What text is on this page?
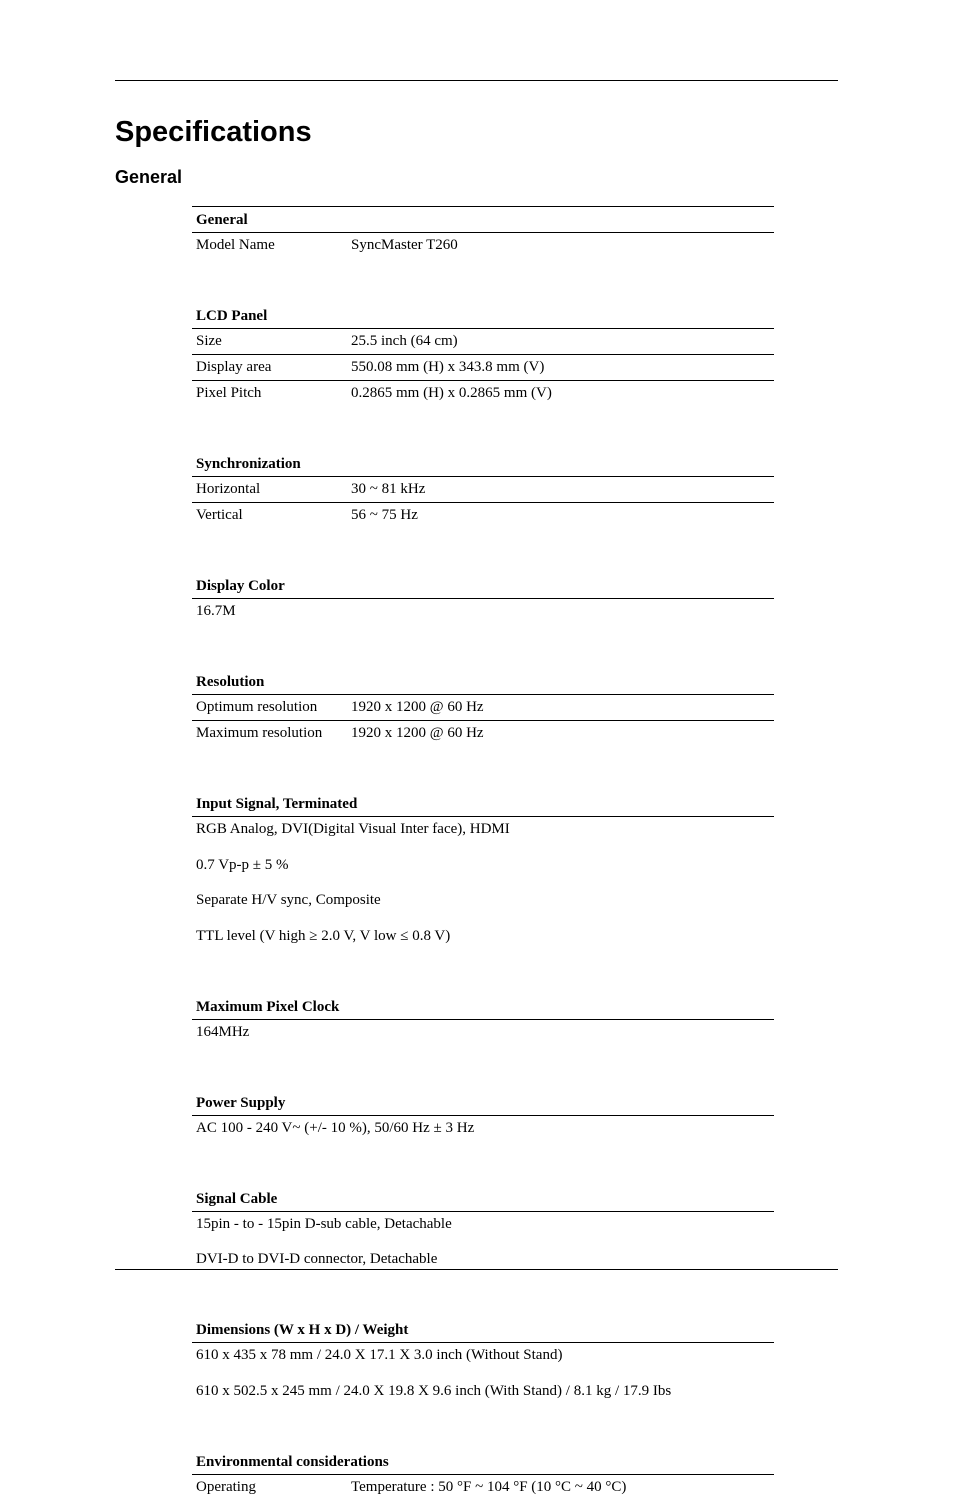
Specifications
General
General
Model Name	SyncMaster T260
LCD Panel
Size	25.5 inch (64 cm)
Display area	550.08 mm (H) x 343.8 mm (V)
Pixel Pitch	0.2865 mm (H) x 0.2865 mm (V)
Synchronization
Horizontal	30 ~ 81 kHz
Vertical	56 ~ 75 Hz
Display Color
16.7M
Resolution
Optimum resolution	1920 x 1200 @ 60 Hz
Maximum resolution	1920 x 1200 @ 60 Hz
Input Signal, Terminated
RGB Analog, DVI(Digital Visual Inter face), HDMI
0.7 Vp-p ± 5 %
Separate H/V sync, Composite
TTL level (V high ≥ 2.0 V, V low ≤ 0.8 V)
Maximum Pixel Clock
164MHz
Power Supply
AC 100 - 240 V~ (+/- 10 %), 50/60 Hz ± 3 Hz
Signal Cable
15pin - to - 15pin D-sub cable, Detachable
DVI-D to DVI-D connector, Detachable
Dimensions (W x H x D) / Weight
610 x 435 x 78 mm / 24.0 X 17.1 X 3.0 inch (Without Stand)
610 x 502.5 x 245 mm / 24.0 X 19.8 X 9.6 inch (With Stand) / 8.1 kg / 17.9 Ibs
Environmental considerations
Operating	Temperature : 50 °F ~ 104 °F (10 °C ~ 40 °C)
